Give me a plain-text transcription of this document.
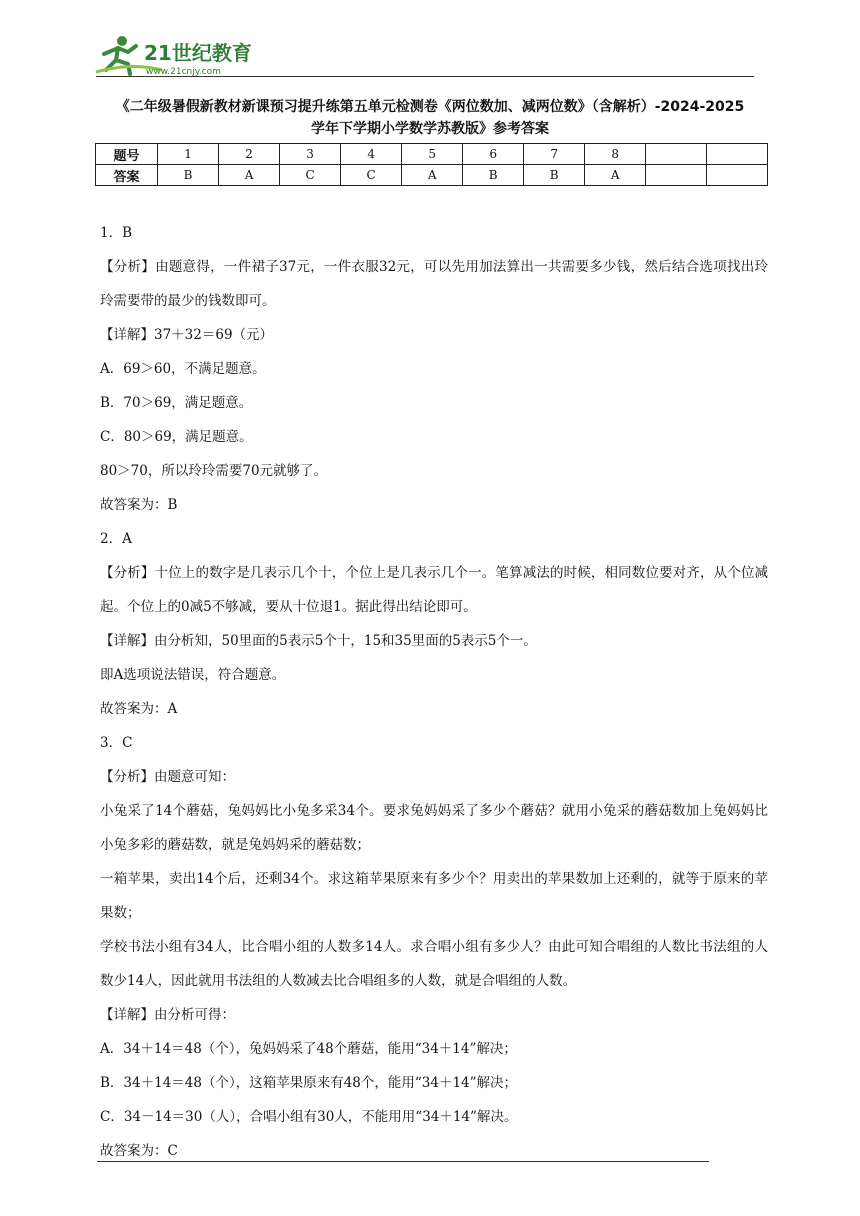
21世纪教育
www.21cnjy.com
《二年级暑假新教材新课预习提升练第五单元检测卷《两位数加、减两位数》（含解析）-2024-2025
学年下学期小学数学苏教版》参考答案
题号	1	2	3	4	5	6	7	8		
答案	B	A	C	C	A	B	B	A		
1．B
【分析】由题意得，一件裙子37元，一件衣服32元，可以先用加法算出一共需要多少钱，然后结合选项找出玲玲需要带的最少的钱数即可。
【详解】37＋32＝69（元）
A．69＞60，不满足题意。
B．70＞69，满足题意。
C．80＞69，满足题意。
80＞70，所以玲玲需要70元就够了。
故答案为：B
2．A
【分析】十位上的数字是几表示几个十，个位上是几表示几个一。笔算减法的时候，相同数位要对齐，从个位减起。个位上的0减5不够减，要从十位退1。据此得出结论即可。
【详解】由分析知，50里面的5表示5个十，15和35里面的5表示5个一。
即A选项说法错误，符合题意。
故答案为：A
3．C
【分析】由题意可知：
小兔采了14个蘑菇，兔妈妈比小兔多采34个。要求兔妈妈采了多少个蘑菇？就用小兔采的蘑菇数加上兔妈妈比小兔多彩的蘑菇数，就是兔妈妈采的蘑菇数；
一箱苹果，卖出14个后，还剩34个。求这箱苹果原来有多少个？用卖出的苹果数加上还剩的，就等于原来的苹果数；
学校书法小组有34人，比合唱小组的人数多14人。求合唱小组有多少人？由此可知合唱组的人数比书法组的人数少14人，因此就用书法组的人数减去比合唱组多的人数，就是合唱组的人数。
【详解】由分析可得：
A．34＋14＝48（个），兔妈妈采了48个蘑菇，能用“34＋14”解决；
B．34＋14＝48（个），这箱苹果原来有48个，能用“34＋14”解决；
C．34－14＝30（人），合唱小组有30人，不能用用“34＋14”解决。
故答案为：C
